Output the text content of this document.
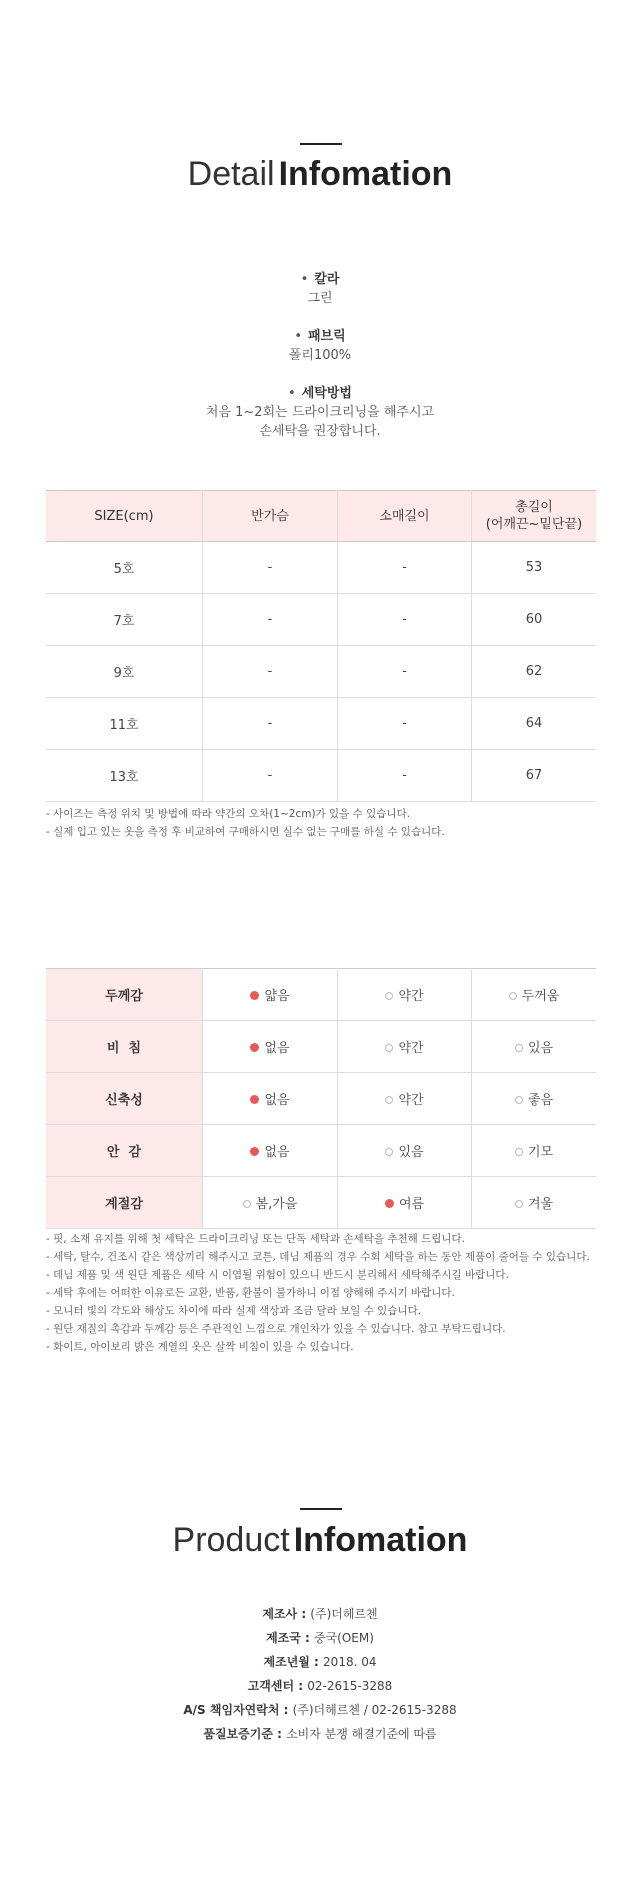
Detail Infomation
• 칼라
그린
• 패브릭
폴리100%
• 세탁방법
처음 1~2회는 드라이크리닝을 해주시고
손세탁을 권장합니다.
SIZE(cm)	반가슴	소매길이	총길이
(어깨끈~밑단끝)

5호	-	-	53
7호	-	-	60
9호	-	-	62
11호	-	-	64
13호	-	-	67
- 사이즈는 측정 위치 및 방법에 따라 약간의 오차(1~2cm)가 있을 수 있습니다.
- 실제 입고 있는 옷을 측정 후 비교하여 구매하시면 실수 없는 구매를 하실 수 있습니다.
두께감	얇음	약간	두꺼움
비  침	없음	약간	있음
신축성	없음	약간	좋음
안  감	없음	있음	기모
계절감	봄,가을	여름	겨울
- 핏, 소재 유지를 위해 첫 세탁은 드라이크리닝 또는 단독 세탁과 손세탁을 추천해 드립니다.
- 세탁, 탈수, 건조시 같은 색상끼리 해주시고 코튼, 데님 제품의 경우 수회 세탁을 하는 동안 제품이 줄어들 수 있습니다.
- 데님 제품 및 색 원단 제품은 세탁 시 이염될 위험이 있으니 반드시 분리해서 세탁해주시길 바랍니다.
- 세탁 후에는 어떠한 이유로든 교환, 반품, 환불이 불가하니 이점 양해해 주시기 바랍니다.
- 모니터 빛의 각도와 해상도 차이에 따라 실제 색상과 조금 달라 보일 수 있습니다.
- 원단 재질의 촉감과 두께감 등은 주관적인 느낌으로 개인차가 있을 수 있습니다. 참고 부탁드립니다.
- 화이트, 아이보리 밝은 계열의 옷은 살짝 비침이 있을 수 있습니다.
Product Infomation
제조사 : (주)더헤르첸
제조국 : 중국(OEM)
제조년월 : 2018. 04
고객센터 : 02-2615-3288
A/S 책임자연락처 : (주)더헤르첸 / 02-2615-3288
품질보증기준 : 소비자 분쟁 해결기준에 따름
